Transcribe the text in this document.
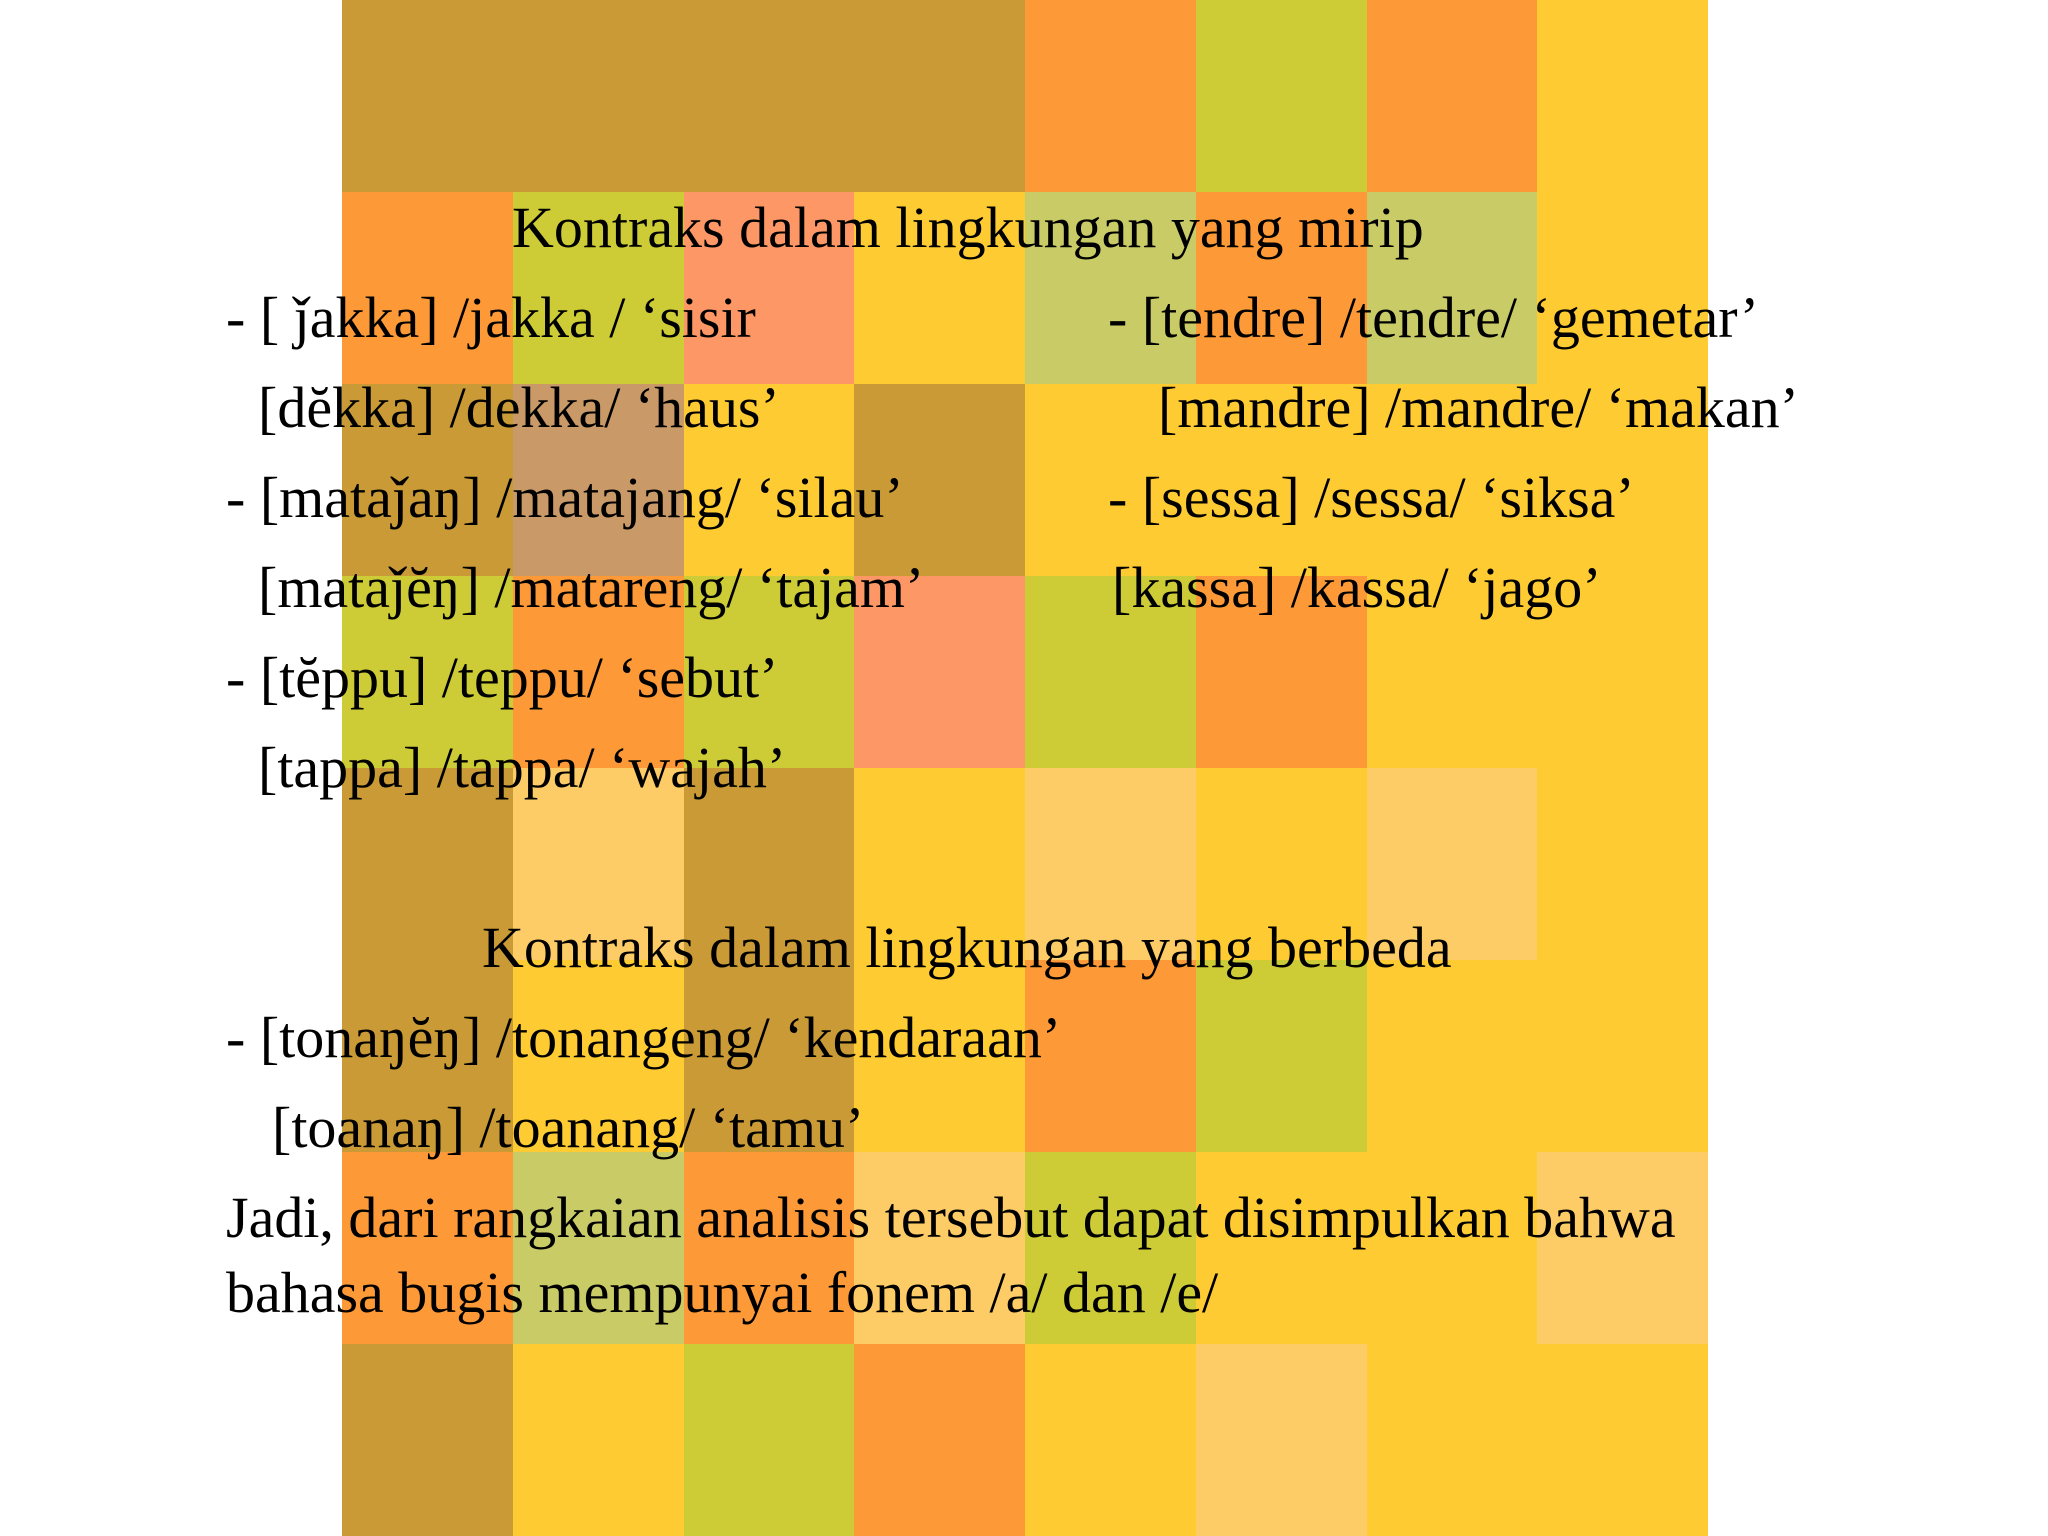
Kontraks dalam lingkungan yang mirip
- [ ǰakka] /jakka / ‘sisir
[dĕkka] /dekka/ ‘haus’
- [mataǰaŋ] /matajang/ ‘silau’
[mataǰĕŋ] /matareng/ ‘tajam’
- [tĕppu] /teppu/ ‘sebut’
[tappa] /tappa/ ‘wajah’
- [tendre] /tendre/ ‘gemetar’
[mandre] /mandre/ ‘makan’
- [sessa] /sessa/ ‘siksa’
[kassa] /kassa/ ‘jago’
Kontraks dalam lingkungan yang berbeda
- [tonaŋĕŋ] /tonangeng/ ‘kendaraan’
[toanaŋ] /toanang/ ‘tamu’
Jadi, dari rangkaian analisis tersebut dapat disimpulkan bahwa
bahasa bugis mempunyai fonem /a/ dan /e/
